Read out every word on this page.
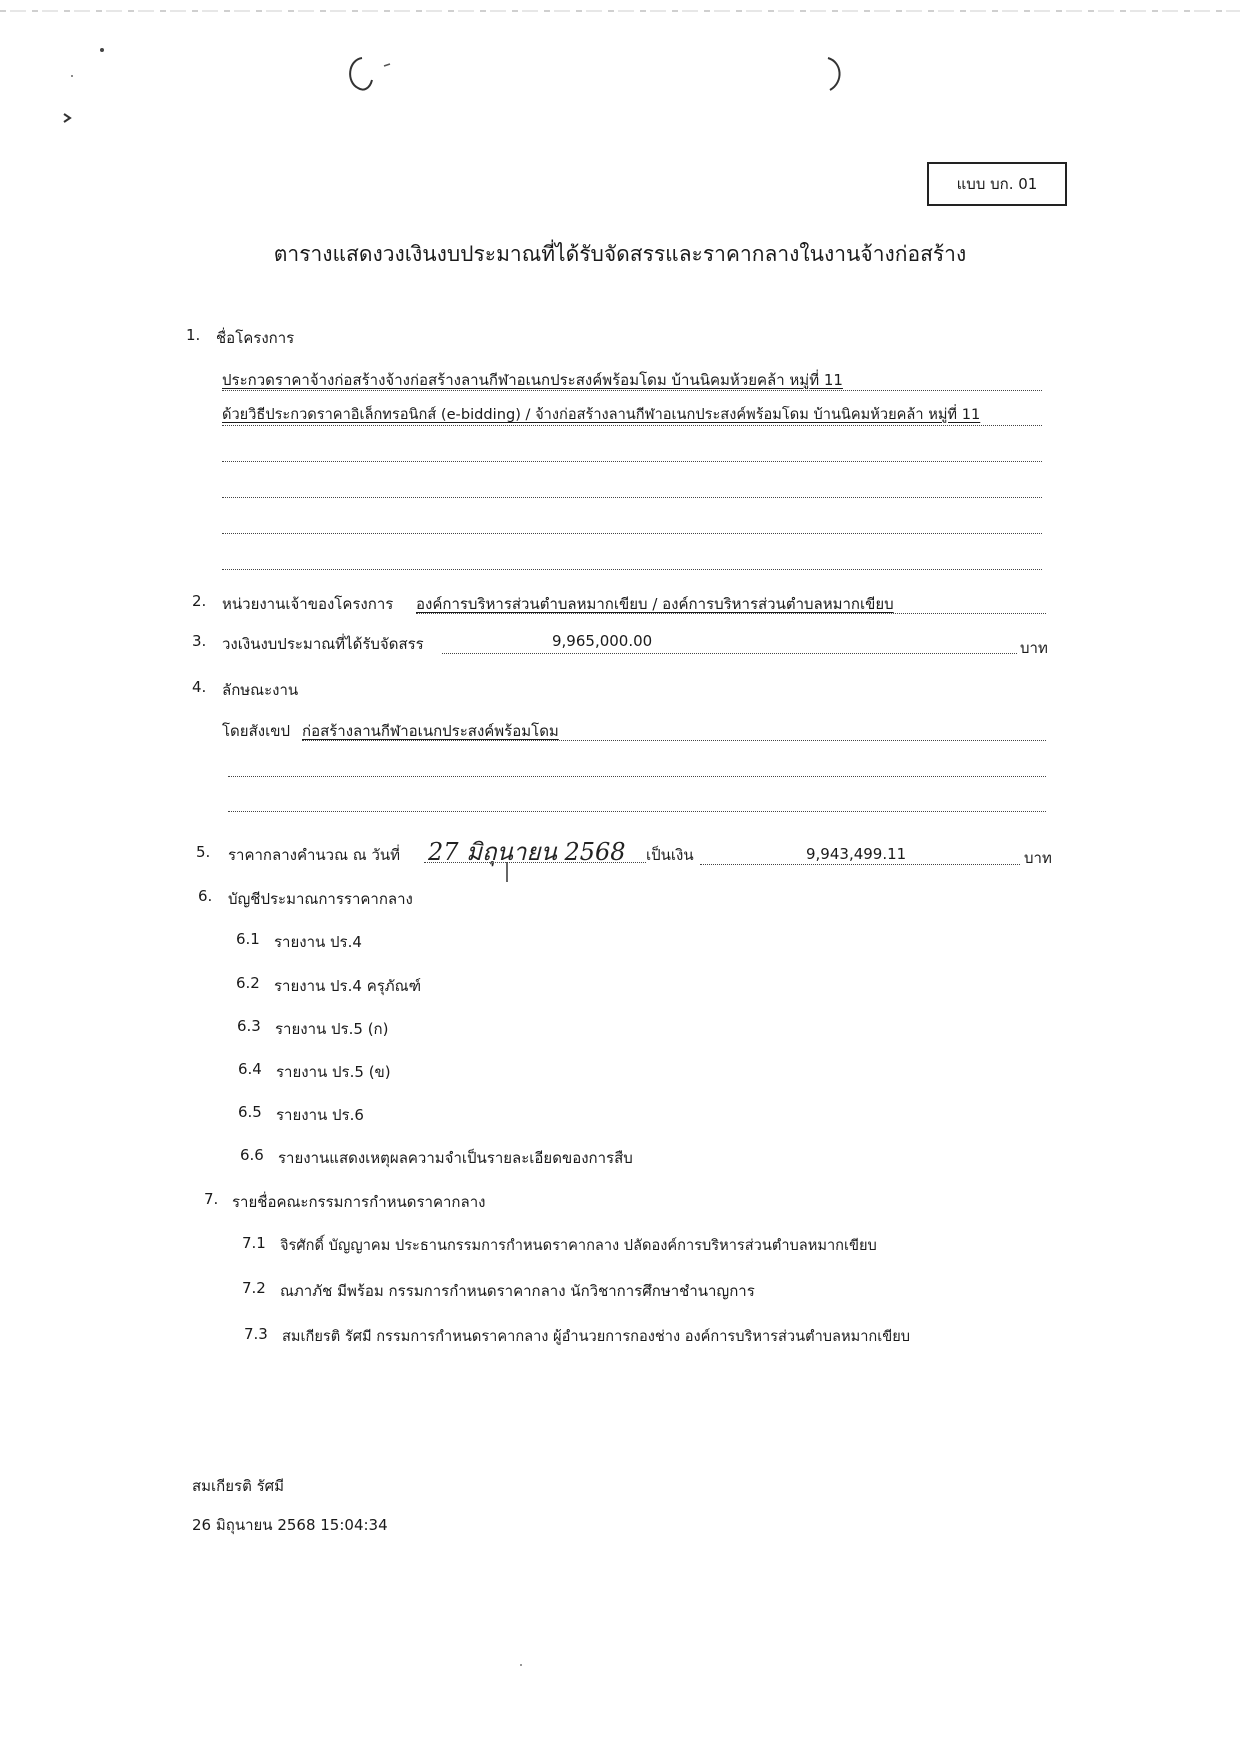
แบบ บก. 01
ตารางแสดงวงเงินงบประมาณที่ได้รับจัดสรรและราคากลางในงานจ้างก่อสร้าง
1. ชื่อโครงการ
ประกวดราคาจ้างก่อสร้างจ้างก่อสร้างลานกีฬาอเนกประสงค์พร้อมโดม บ้านนิคมห้วยคล้า หมู่ที่ 11
ด้วยวิธีประกวดราคาอิเล็กทรอนิกส์ (e-bidding) / จ้างก่อสร้างลานกีฬาอเนกประสงค์พร้อมโดม บ้านนิคมห้วยคล้า หมู่ที่ 11
2. หน่วยงานเจ้าของโครงการ องค์การบริหารส่วนตำบลหมากเขียบ / องค์การบริหารส่วนตำบลหมากเขียบ
3. วงเงินงบประมาณที่ได้รับจัดสรร	9,965,000.00	บาท
4. ลักษณะงาน
โดยสังเขป ก่อสร้างลานกีฬาอเนกประสงค์พร้อมโดม
5. ราคากลางคำนวณ ณ วันที่ 27 มิถุนายน 2568 เป็นเงิน	9,943,499.11	บาท
6. บัญชีประมาณการราคากลาง
6.1 รายงาน ปร.4
6.2 รายงาน ปร.4 ครุภัณฑ์
6.3 รายงาน ปร.5 (ก)
6.4 รายงาน ปร.5 (ข)
6.5 รายงาน ปร.6
6.6 รายงานแสดงเหตุผลความจำเป็นรายละเอียดของการสืบ
7. รายชื่อคณะกรรมการกำหนดราคากลาง
7.1 จิรศักดิ์ บัญญาคม ประธานกรรมการกำหนดราคากลาง ปลัดองค์การบริหารส่วนตำบลหมากเขียบ
7.2 ณภาภัช มีพร้อม กรรมการกำหนดราคากลาง นักวิชาการศึกษาชำนาญการ
7.3 สมเกียรติ รัศมี กรรมการกำหนดราคากลาง ผู้อำนวยการกองช่าง องค์การบริหารส่วนตำบลหมากเขียบ
สมเกียรติ รัศมี
26 มิถุนายน 2568 15:04:34
